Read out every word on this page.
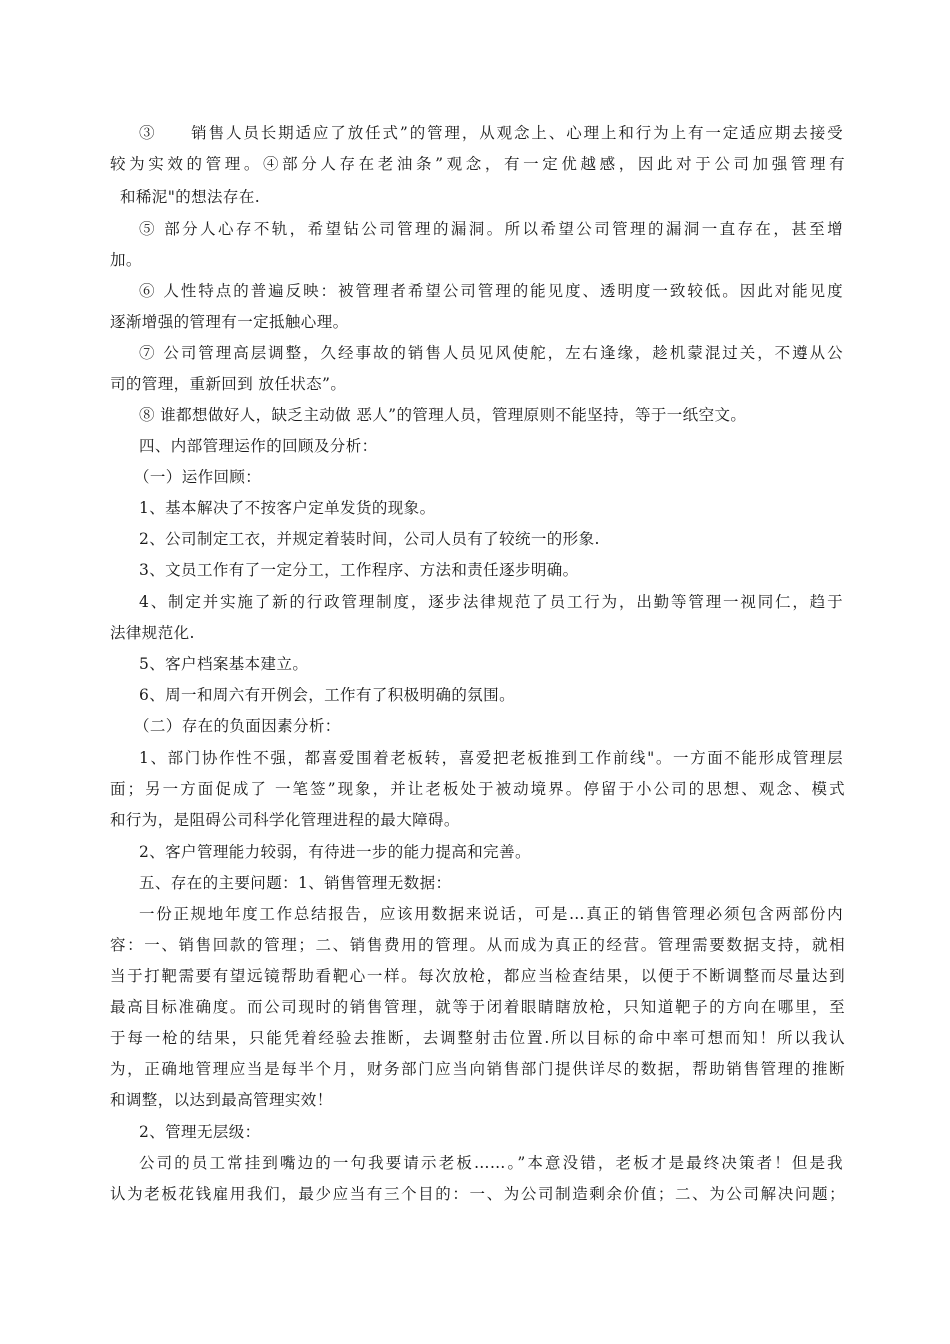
③　　销售人员长期适应了放任式”的管理，从观念上、心理上和行为上有一定适应期去接受
较为实效的管理。④部分人存在老油条”观念，有一定优越感，因此对于公司加强管理有
和稀泥"的想法存在.
⑤ 部分人心存不轨，希望钻公司管理的漏洞。所以希望公司管理的漏洞一直存在，甚至增
加。
⑥ 人性特点的普遍反映：被管理者希望公司管理的能见度、透明度一致较低。因此对能见度
逐渐增强的管理有一定抵触心理。
⑦ 公司管理高层调整，久经事故的销售人员见风使舵，左右逢缘，趁机蒙混过关，不遵从公
司的管理，重新回到 放任状态”。
⑧ 谁都想做好人，缺乏主动做 恶人”的管理人员，管理原则不能坚持，等于一纸空文。
四、内部管理运作的回顾及分析：
（一）运作回顾：
1、基本解决了不按客户定单发货的现象。
2、公司制定工衣，并规定着装时间，公司人员有了较统一的形象.
3、文员工作有了一定分工，工作程序、方法和责任逐步明确。
4、制定并实施了新的行政管理制度，逐步法律规范了员工行为，出勤等管理一视同仁，趋于
法律规范化.
5、客户档案基本建立。
6、周一和周六有开例会，工作有了积极明确的氛围。
（二）存在的负面因素分析：
1、部门协作性不强，都喜爱围着老板转，喜爱把老板推到工作前线"。一方面不能形成管理层
面；另一方面促成了 一笔签”现象，并让老板处于被动境界。停留于小公司的思想、观念、模式
和行为，是阻碍公司科学化管理进程的最大障碍。
2、客户管理能力较弱，有待进一步的能力提高和完善。
五、存在的主要问题：1、销售管理无数据：
一份正规地年度工作总结报告，应该用数据来说话，可是…真正的销售管理必须包含两部份内
容：一、销售回款的管理；二、销售费用的管理。从而成为真正的经营。管理需要数据支持，就相
当于打靶需要有望远镜帮助看靶心一样。每次放枪，都应当检查结果，以便于不断调整而尽量达到
最高目标准确度。而公司现时的销售管理，就等于闭着眼睛瞎放枪，只知道靶子的方向在哪里，至
于每一枪的结果，只能凭着经验去推断，去调整射击位置.所以目标的命中率可想而知！所以我认
为，正确地管理应当是每半个月，财务部门应当向销售部门提供详尽的数据，帮助销售管理的推断
和调整，以达到最高管理实效！
2、管理无层级：
公司的员工常挂到嘴边的一句我要请示老板……。”本意没错，老板才是最终决策者！但是我
认为老板花钱雇用我们，最少应当有三个目的：一、为公司制造剩余价值；二、为公司解决问题；
